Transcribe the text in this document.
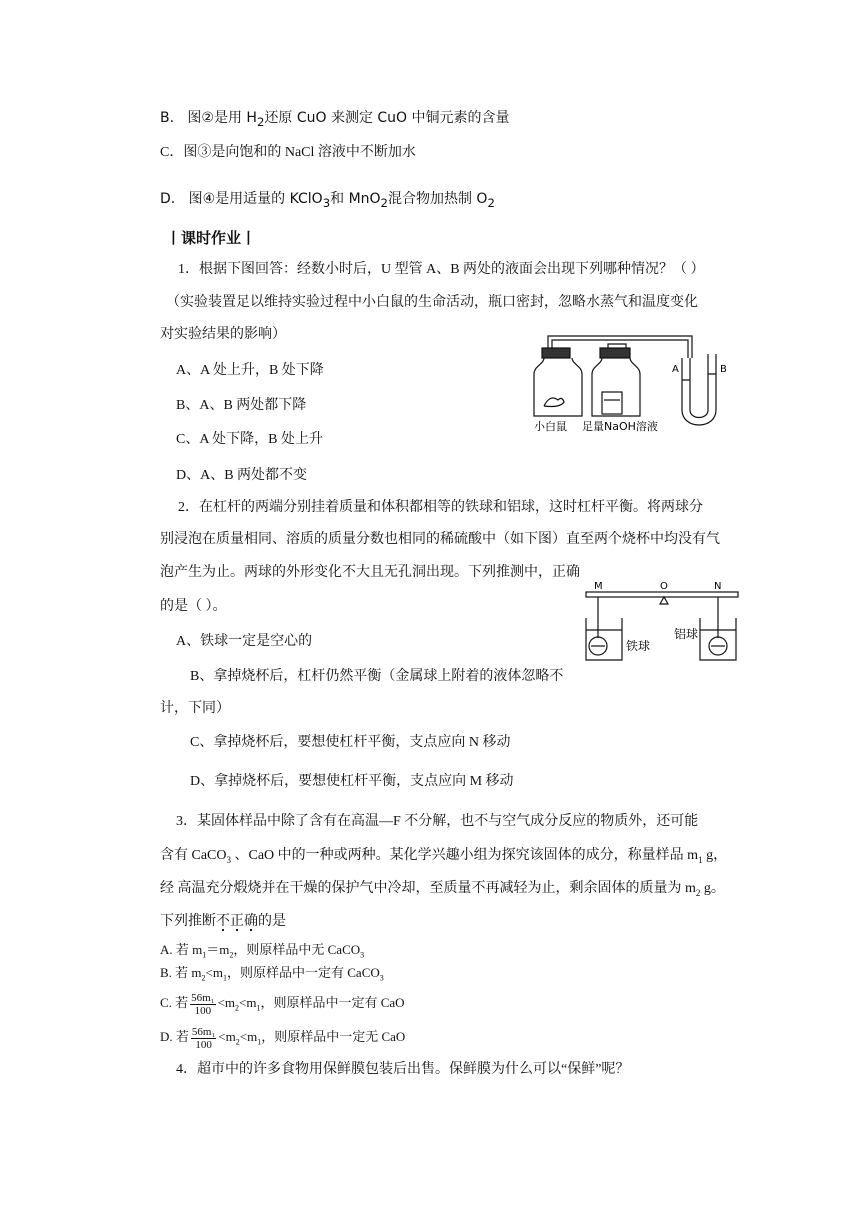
B. 图②是用 $H_2$还原 CuO 来测定 CuO 中铜元素的含量
C．图③是向饱和的 NaCl 溶液中不断加水
D. 图④是用适量的 KClO$_3$和 MnO$_2$混合物加热制 $O_2$
丨课时作业丨
1．根据下图回答：经数小时后，U 型管 A、B 两处的液面会出现下列哪种情况？（ ）
（实验装置足以维持实验过程中小白鼠的生命活动，瓶口密封，忽略水蒸气和温度变化
对实验结果的影响）
A、A 处上升，B 处下降
B、A、B 两处都下降
C、A 处下降，B 处上升
D、A、B 两处都不变
A	B
小白鼠 足量NaOH溶液
2．在杠杆的两端分别挂着质量和体积都相等的铁球和铝球，这时杠杆平衡。将两球分
别浸泡在质量相同、溶质的质量分数也相同的稀硫酸中（如下图）直至两个烧杯中均没有气
泡产生为止。两球的外形变化不大且无孔洞出现。下列推测中，正确
的是（ ）。
A、铁球一定是空心的
B、拿掉烧杯后，杠杆仍然平衡（金属球上附着的液体忽略不
计，下同）
C、拿掉烧杯后，要想使杠杆平衡，支点应向 N 移动
D、拿掉烧杯后，要想使杠杆平衡，支点应向 M 移动
M	O	N
铁球
铝球
3．某固体样品中除了含有在高温—F 不分解，也不与空气成分反应的物质外，还可能
含有 CaCO$_3$ 、CaO 中的一种或两种。某化学兴趣小组为探究该固体的成分，称量样品 $m_1$ g，
经 高温充分煅烧并在干燥的保护气中冷却，至质量不再减轻为止，剩余固体的质量为 $m_2$ g。
下列推断不正确的是
A. 若 $m_1=m_2$，则原样品中无 CaCO$_3$
B. 若 $m_2<m_1$，则原样品中一定有 CaCO$_3$
C. 若 $\frac{\text{56m₁}}{100} <m_2<m_1$，则原样品中一定有 CaO
D. 若 $\frac{\text{56m₁}}{100} <m_2<m_1$，则原样品中一定无 CaO
4．超市中的许多食物用保鲜膜包装后出售。保鲜膜为什么可以“保鲜”呢？
